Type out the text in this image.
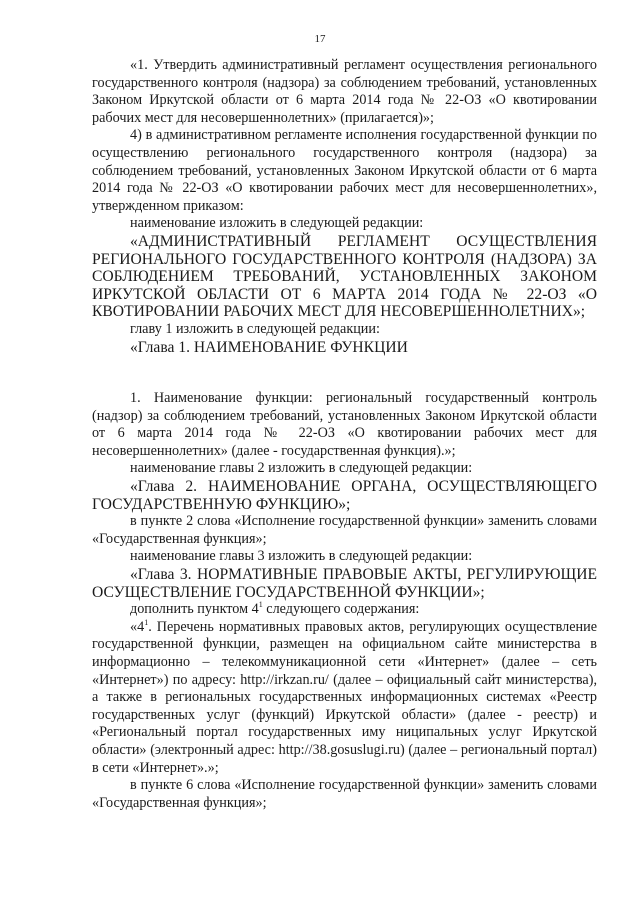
17

«1. Утвердить административный регламент осуществления регионального государственного контроля (надзора) за соблюдением требований, установленных Законом Иркутской области от 6 марта 2014 года № 22-ОЗ «О квотировании рабочих мест для несовершеннолетних» (прилагается)»;

4) в административном регламенте исполнения государственной функции по осуществлению регионального государственного контроля (надзора) за соблюдением требований, установленных Законом Иркутской области от 6 марта 2014 года № 22-ОЗ «О квотировании рабочих мест для несовершеннолетних», утвержденном приказом:

наименование изложить в следующей редакции:

«АДМИНИСТРАТИВНЫЙ РЕГЛАМЕНТ ОСУЩЕСТВЛЕНИЯ РЕГИОНАЛЬНОГО ГОСУДАРСТВЕННОГО КОНТРОЛЯ (НАДЗОРА) ЗА СОБЛЮДЕНИЕМ ТРЕБОВАНИЙ, УСТАНОВЛЕННЫХ ЗАКОНОМ ИРКУТСКОЙ ОБЛАСТИ ОТ 6 МАРТА 2014 ГОДА № 22-ОЗ «О КВОТИРОВАНИИ РАБОЧИХ МЕСТ ДЛЯ НЕСОВЕРШЕННОЛЕТНИХ»;

главу 1 изложить в следующей редакции:

«Глава 1. НАИМЕНОВАНИЕ ФУНКЦИИ

1. Наименование функции: региональный государственный контроль (надзор) за соблюдением требований, установленных Законом Иркутской области от 6 марта 2014 года № 22-ОЗ «О квотировании рабочих мест для несовершеннолетних» (далее - государственная функция).»;

наименование главы 2 изложить в следующей редакции:

«Глава 2. НАИМЕНОВАНИЕ ОРГАНА, ОСУЩЕСТВЛЯЮЩЕГО ГОСУДАРСТВЕННУЮ ФУНКЦИЮ»;

в пункте 2 слова «Исполнение государственной функции» заменить словами «Государственная функция»;

наименование главы 3 изложить в следующей редакции:

«Глава 3. НОРМАТИВНЫЕ ПРАВОВЫЕ АКТЫ, РЕГУЛИРУЮЩИЕ ОСУЩЕСТВЛЕНИЕ ГОСУДАРСТВЕННОЙ ФУНКЦИИ»;

дополнить пунктом $4^1$ следующего содержания:

«$4^1$. Перечень нормативных правовых актов, регулирующих осуществление государственной функции, размещен на официальном сайте министерства в информационно – телекоммуникационной сети «Интернет» (далее – сеть «Интернет») по адресу: http://irkzan.ru/ (далее – официальный сайт министерства), а также в региональных государственных информационных системах «Реестр государственных услуг (функций) Иркутской области» (далее - реестр) и «Региональный портал государственных иму ниципальных услуг Иркутской области» (электронный адрес: http://38.gosuslugi.ru) (далее – региональный портал) в сети «Интернет».»;

в пункте 6 слова «Исполнение государственной функции» заменить словами «Государственная функция»;
